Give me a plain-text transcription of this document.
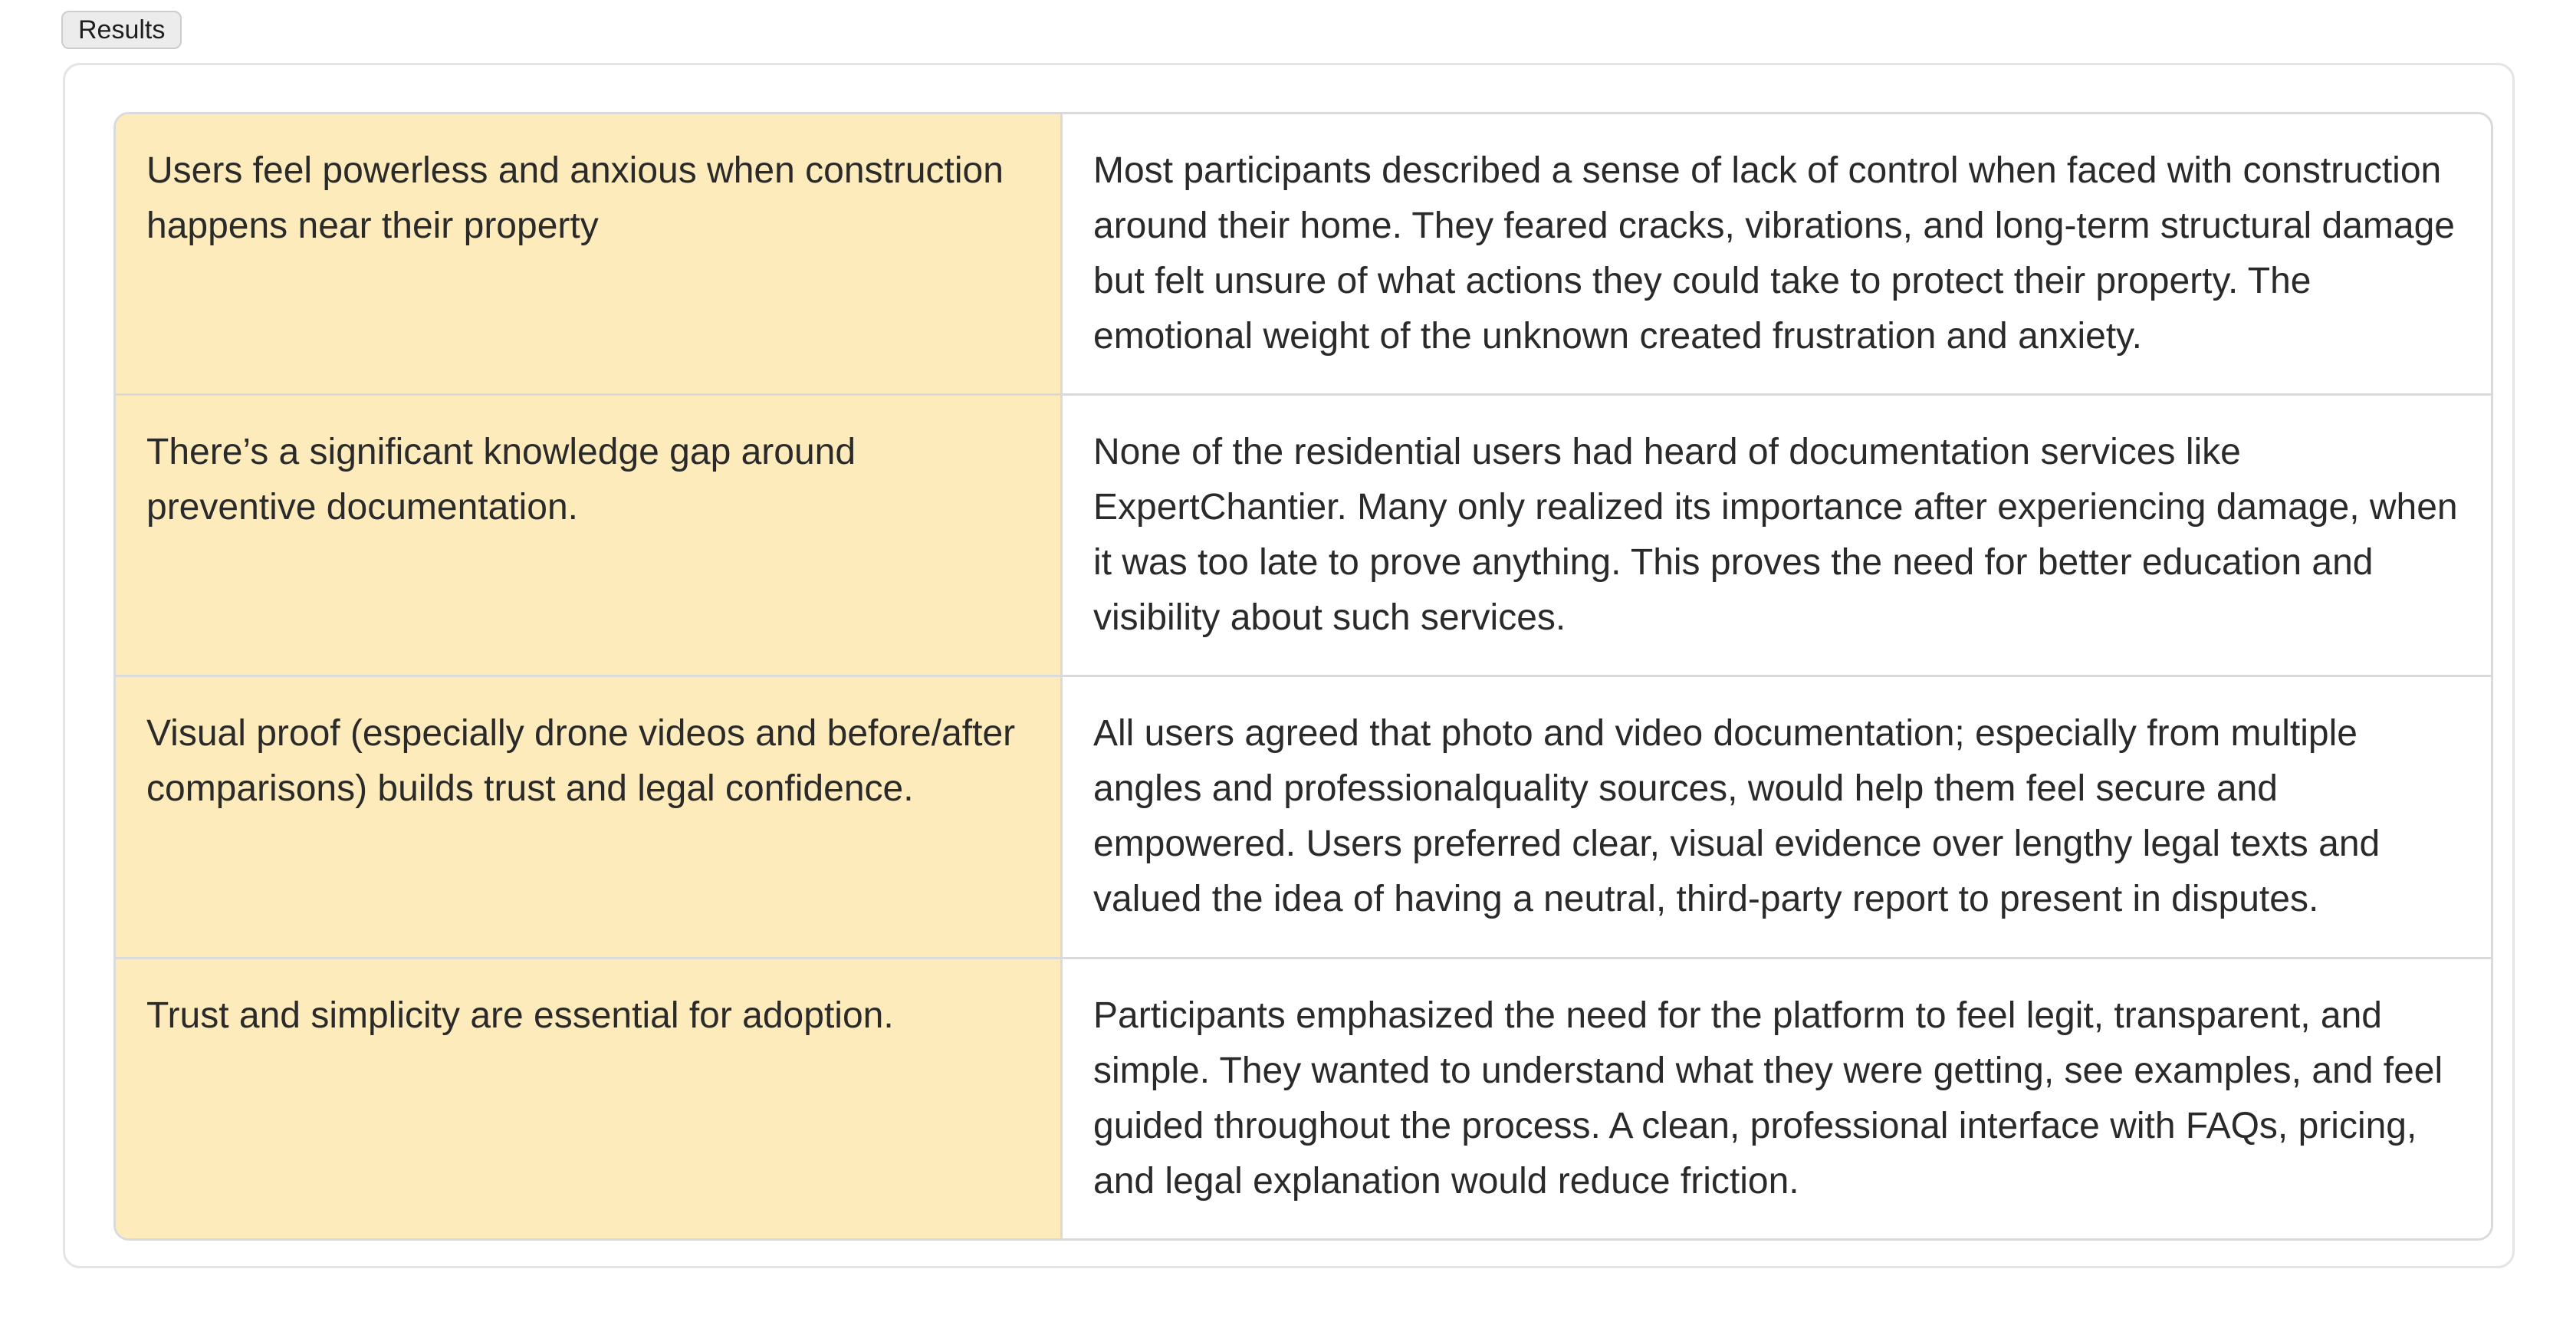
Results
Users feel powerless and anxious when construction happens near their property	Most participants described a sense of lack of control when faced with construction around their home. They feared cracks, vibrations, and long-term structural damage but felt unsure of what actions they could take to protect their property. The emotional weight of the unknown created frustration and anxiety.
There’s a significant knowledge gap around preventive documentation.	None of the residential users had heard of documentation services like ExpertChantier. Many only realized its importance after experiencing damage, when it was too late to prove anything. This proves the need for better education and visibility about such services.
Visual proof (especially drone videos and before/after comparisons) builds trust and legal confidence.	All users agreed that photo and video documentation; especially from multiple angles and professionalquality sources, would help them feel secure and empowered. Users preferred clear, visual evidence over lengthy legal texts and valued the idea of having a neutral, third-party report to present in disputes.
Trust and simplicity are essential for adoption.	Participants emphasized the need for the platform to feel legit, transparent, and simple. They wanted to understand what they were getting, see examples, and feel guided throughout the process. A clean, professional interface with FAQs, pricing, and legal explanation would reduce friction.
